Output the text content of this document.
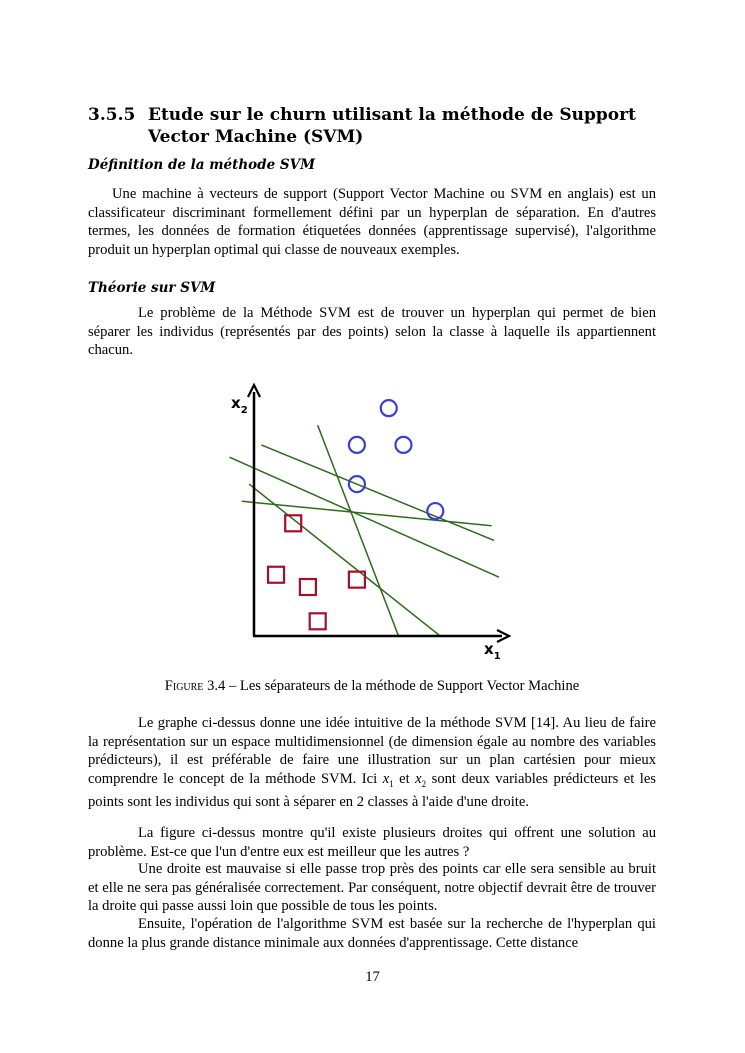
3.5.5 Etude sur le churn utilisant la méthode de Support Vector Machine (SVM)
Définition de la méthode SVM
Une machine à vecteurs de support (Support Vector Machine ou SVM en anglais) est un classificateur discriminant formellement défini par un hyperplan de séparation. En d'autres termes, les données de formation étiquetées données (apprentissage supervisé), l'algorithme produit un hyperplan optimal qui classe de nouveaux exemples.
Théorie sur SVM
Le problème de la Méthode SVM est de trouver un hyperplan qui permet de bien séparer les individus (représentés par des points) selon la classe à laquelle ils appartiennent chacun.
$x_2$
$x_1$
Figure 3.4 – Les séparateurs de la méthode de Support Vector Machine
Le graphe ci-dessus donne une idée intuitive de la méthode SVM [14]. Au lieu de faire la représentation sur un espace multidimensionnel (de dimension égale au nombre des variables prédicteurs), il est préférable de faire une illustration sur un plan cartésien pour mieux comprendre le concept de la méthode SVM. Ici $x_1$ et $x_2$ sont deux variables prédicteurs et les points sont les individus qui sont à séparer en 2 classes à l'aide d'une droite.
La figure ci-dessus montre qu'il existe plusieurs droites qui offrent une solution au problème. Est-ce que l'un d'entre eux est meilleur que les autres ?
Une droite est mauvaise si elle passe trop près des points car elle sera sensible au bruit et elle ne sera pas généralisée correctement. Par conséquent, notre objectif devrait être de trouver la droite qui passe aussi loin que possible de tous les points.
Ensuite, l'opération de l'algorithme SVM est basée sur la recherche de l'hyperplan qui donne la plus grande distance minimale aux données d'apprentissage. Cette distance
17
